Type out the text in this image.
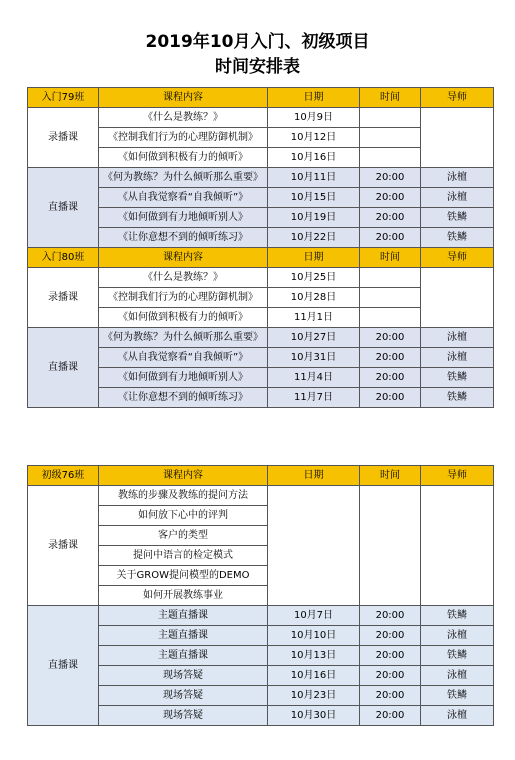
2019年10月入门、初级项目
时间安排表
入门79班	课程内容	日期	时间	导师
录播课	《什么是教练？》	10月9日		
	《控制我们行为的心理防御机制》	10月12日		
	《如何做到积极有力的倾听》	10月16日		
直播课	《何为教练？为什么倾听那么重要》	10月11日	20:00	泳檀
	《从自我觉察看“自我倾听”》	10月15日	20:00	泳檀
	《如何做到有力地倾听别人》	10月19日	20:00	铁鳞
	《让你意想不到的倾听练习》	10月22日	20:00	铁鳞
入门80班	课程内容	日期	时间	导师
录播课	《什么是教练？》	10月25日		
	《控制我们行为的心理防御机制》	10月28日		
	《如何做到积极有力的倾听》	11月1日		
直播课	《何为教练？为什么倾听那么重要》	10月27日	20:00	泳檀
	《从自我觉察看“自我倾听”》	10月31日	20:00	泳檀
	《如何做到有力地倾听别人》	11月4日	20:00	铁鳞
	《让你意想不到的倾听练习》	11月7日	20:00	铁鳞
初级76班	课程内容	日期	时间	导师
录播课	教练的步骤及教练的提问方法			
	如何放下心中的评判			
	客户的类型			
	提问中语言的检定模式			
	关于GROW提问模型的DEMO			
	如何开展教练事业			
直播课	主题直播课	10月7日	20:00	铁鳞
	主题直播课	10月10日	20:00	泳檀
	主题直播课	10月13日	20:00	铁鳞
	现场答疑	10月16日	20:00	泳檀
	现场答疑	10月23日	20:00	铁鳞
	现场答疑	10月30日	20:00	泳檀
